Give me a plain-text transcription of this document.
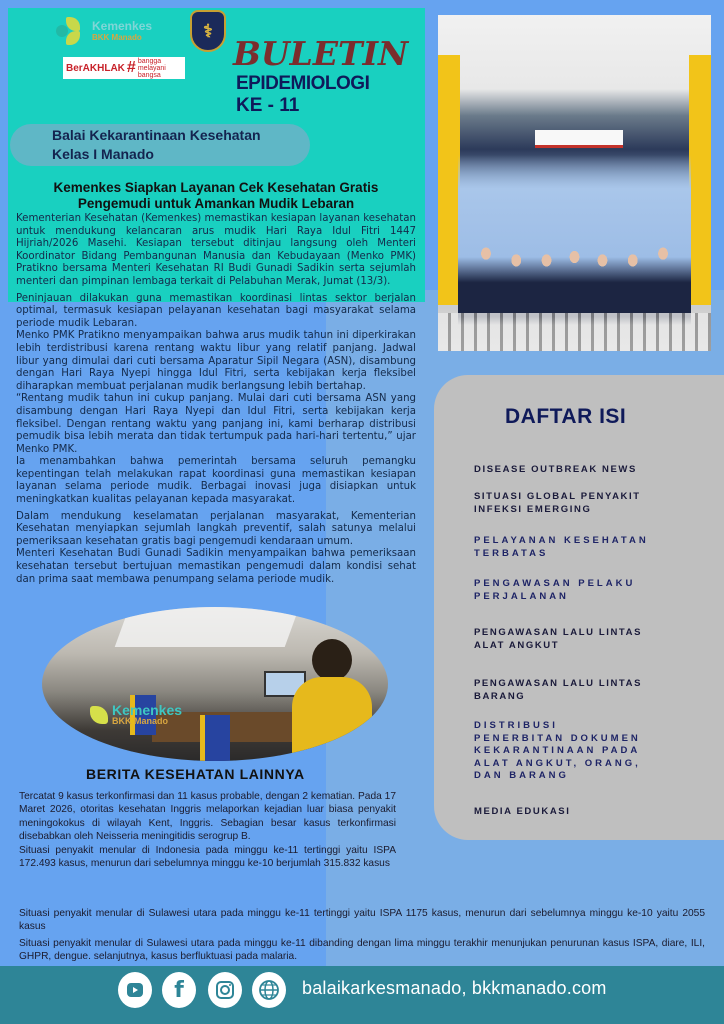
Kemenkes
BKK Manado	⚕
BerAKHLAK # bangga
melayani
bangsa
BULETIN
EPIDEMIOLOGI
KE - 11
Balai Kekarantinaan Kesehatan
Kelas I Manado
Kemenkes Siapkan Layanan Cek Kesehatan Gratis Pengemudi untuk Amankan Mudik Lebaran

Kementerian Kesehatan (Kemenkes) memastikan kesiapan layanan kesehatan untuk mendukung kelancaran arus mudik Hari Raya Idul Fitri 1447 Hijriah/2026 Masehi. Kesiapan tersebut ditinjau langsung oleh Menteri Koordinator Bidang Pembangunan Manusia dan Kebudayaan (Menko PMK) Pratikno bersama Menteri Kesehatan RI Budi Gunadi Sadikin serta sejumlah menteri dan pimpinan lembaga terkait di Pelabuhan Merak, Jumat (13/3).

Peninjauan dilakukan guna memastikan koordinasi lintas sektor berjalan optimal, termasuk kesiapan pelayanan kesehatan bagi masyarakat selama periode mudik Lebaran.

Menko PMK Pratikno menyampaikan bahwa arus mudik tahun ini diperkirakan lebih terdistribusi karena rentang waktu libur yang relatif panjang. Jadwal libur yang dimulai dari cuti bersama Aparatur Sipil Negara (ASN), disambung dengan Hari Raya Nyepi hingga Idul Fitri, serta kebijakan kerja fleksibel diharapkan membuat perjalanan mudik berlangsung lebih bertahap.

“Rentang mudik tahun ini cukup panjang. Mulai dari cuti bersama ASN yang disambung dengan Hari Raya Nyepi dan Idul Fitri, serta kebijakan kerja fleksibel. Dengan rentang waktu yang panjang ini, kami berharap distribusi pemudik bisa lebih merata dan tidak tertumpuk pada hari-hari tertentu,” ujar Menko PMK.

Ia menambahkan bahwa pemerintah bersama seluruh pemangku kepentingan telah melakukan rapat koordinasi guna memastikan kesiapan layanan selama periode mudik. Berbagai inovasi juga disiapkan untuk meningkatkan kualitas pelayanan kepada masyarakat.

Dalam mendukung keselamatan perjalanan masyarakat, Kementerian Kesehatan menyiapkan sejumlah langkah preventif, salah satunya melalui pemeriksaan kesehatan gratis bagi pengemudi kendaraan umum.

Menteri Kesehatan Budi Gunadi Sadikin menyampaikan bahwa pemeriksaan kesehatan tersebut bertujuan memastikan pengemudi dalam kondisi sehat dan prima saat membawa penumpang selama periode mudik.

DAFTAR ISI
DISEASE OUTBREAK NEWS
SITUASI GLOBAL PENYAKIT INFEKSI EMERGING
PELAYANAN KESEHATAN TERBATAS
PENGAWASAN PELAKU PERJALANAN
PENGAWASAN LALU LINTAS ALAT ANGKUT
PENGAWASAN LALU LINTAS BARANG
DISTRIBUSI PENERBITAN DOKUMEN KEKARANTINAAN PADA ALAT ANGKUT, ORANG, DAN BARANG
MEDIA EDUKASI
Kemenkes
BKK Manado
BERITA KESEHATAN LAINNYA

Tercatat 9 kasus terkonfirmasi dan 11 kasus probable, dengan 2 kematian. Pada 17 Maret 2026, otoritas kesehatan Inggris melaporkan kejadian luar biasa penyakit meningokokus di wilayah Kent, Inggris. Sebagian besar kasus terkonfirmasi disebabkan oleh Neisseria meningitidis serogrup B.

Situasi penyakit menular di Indonesia pada minggu ke-11 tertinggi yaitu ISPA 172.493 kasus, menurun dari sebelumnya minggu ke-10 berjumlah 315.832 kasus

Situasi penyakit menular di Sulawesi utara pada minggu ke-11 tertinggi yaitu ISPA 1175 kasus, menurun dari sebelumnya minggu ke-10 yaitu 2055 kasus
Situasi penyakit menular di Sulawesi utara pada minggu ke-11 dibanding dengan lima minggu terakhir menunjukan penurunan kasus ISPA, diare, ILI, GHPR, dengue. selanjutnya, kasus berfluktuasi pada malaria.
f	balaikarkesmanado, bkkmanado.com
